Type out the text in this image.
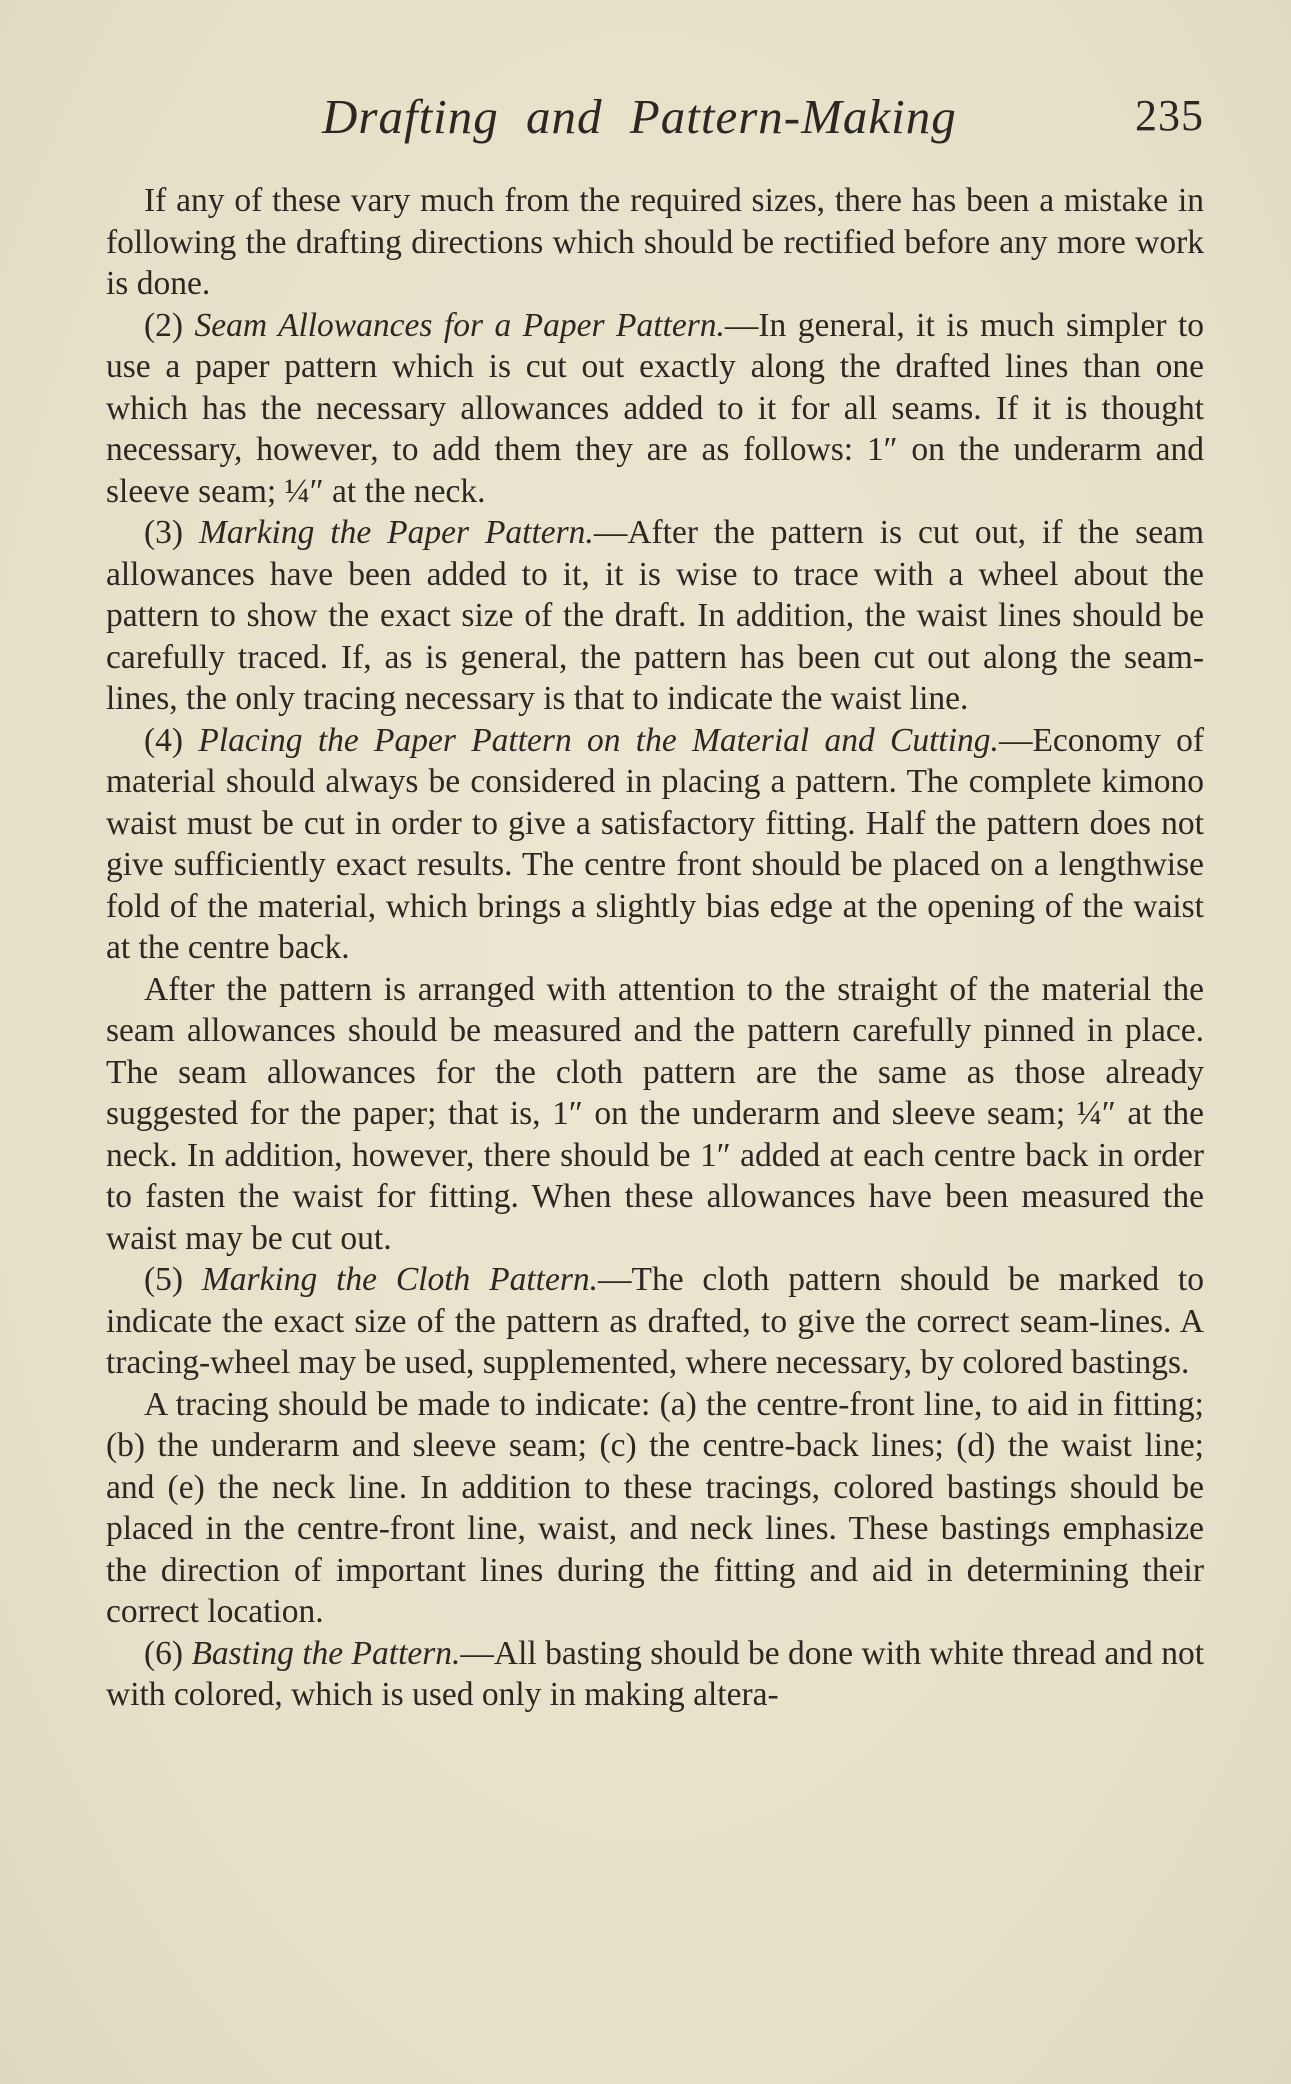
Drafting and Pattern-Making	235

If any of these vary much from the required sizes, there has been a mistake in following the drafting directions which should be rectified before any more work is done.

(2) Seam Allowances for a Paper Pattern.—In general, it is much simpler to use a paper pattern which is cut out exactly along the drafted lines than one which has the necessary allowances added to it for all seams. If it is thought necessary, however, to add them they are as follows: 1″ on the underarm and sleeve seam; ¼″ at the neck.

(3) Marking the Paper Pattern.—After the pattern is cut out, if the seam allowances have been added to it, it is wise to trace with a wheel about the pattern to show the exact size of the draft. In addition, the waist lines should be carefully traced. If, as is general, the pattern has been cut out along the seam-lines, the only tracing necessary is that to indicate the waist line.

(4) Placing the Paper Pattern on the Material and Cutting.—Economy of material should always be considered in placing a pattern. The complete kimono waist must be cut in order to give a satisfactory fitting. Half the pattern does not give sufficiently exact results. The centre front should be placed on a lengthwise fold of the material, which brings a slightly bias edge at the opening of the waist at the centre back.

After the pattern is arranged with attention to the straight of the material the seam allowances should be measured and the pattern carefully pinned in place. The seam allowances for the cloth pattern are the same as those already suggested for the paper; that is, 1″ on the underarm and sleeve seam; ¼″ at the neck. In addition, however, there should be 1″ added at each centre back in order to fasten the waist for fitting. When these allowances have been measured the waist may be cut out.

(5) Marking the Cloth Pattern.—The cloth pattern should be marked to indicate the exact size of the pattern as drafted, to give the correct seam-lines. A tracing-wheel may be used, supplemented, where necessary, by colored bastings.

A tracing should be made to indicate: (a) the centre-front line, to aid in fitting; (b) the underarm and sleeve seam; (c) the centre-back lines; (d) the waist line; and (e) the neck line. In addition to these tracings, colored bastings should be placed in the centre-front line, waist, and neck lines. These bastings emphasize the direction of important lines during the fitting and aid in determining their correct location.

(6) Basting the Pattern.—All basting should be done with white thread and not with colored, which is used only in making altera-
